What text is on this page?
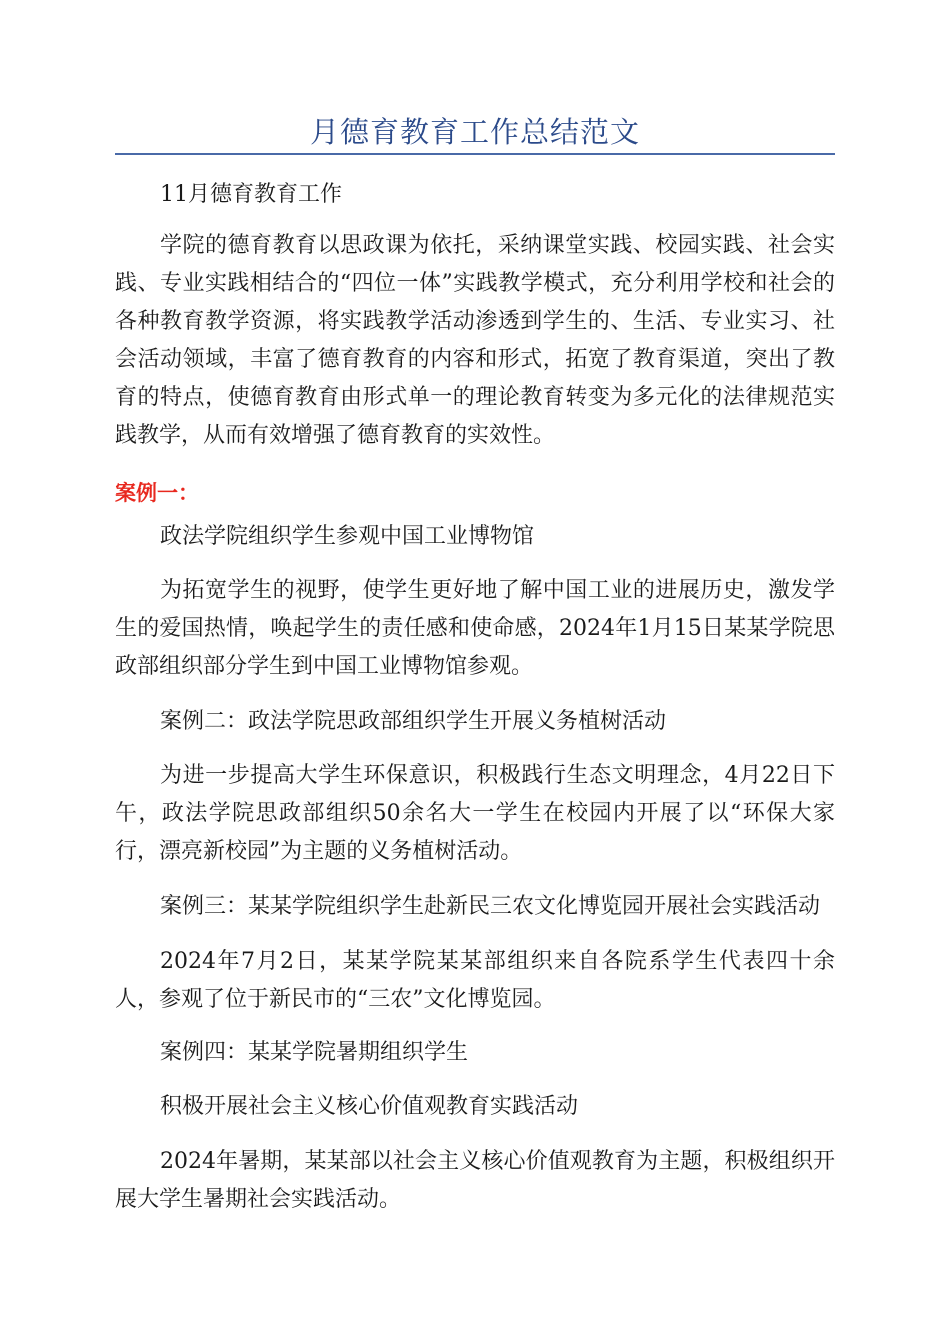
月德育教育工作总结范文

11月德育教育工作

学院的德育教育以思政课为依托，采纳课堂实践、校园实践、社会实践、专业实践相结合的“四位一体”实践教学模式，充分利用学校和社会的各种教育教学资源，将实践教学活动渗透到学生的、生活、专业实习、社会活动领域，丰富了德育教育的内容和形式，拓宽了教育渠道，突出了教育的特点，使德育教育由形式单一的理论教育转变为多元化的法律规范实践教学，从而有效增强了德育教育的实效性。

案例一：

政法学院组织学生参观中国工业博物馆

为拓宽学生的视野，使学生更好地了解中国工业的进展历史，激发学生的爱国热情，唤起学生的责任感和使命感，2024年1月15日某某学院思政部组织部分学生到中国工业博物馆参观。

案例二：政法学院思政部组织学生开展义务植树活动

为进一步提高大学生环保意识，积极践行生态文明理念，4月22日下午，政法学院思政部组织50余名大一学生在校园内开展了以“环保大家行，漂亮新校园”为主题的义务植树活动。

案例三：某某学院组织学生赴新民三农文化博览园开展社会实践活动

2024年7月2日，某某学院某某部组织来自各院系学生代表四十余人，参观了位于新民市的“三农”文化博览园。

案例四：某某学院暑期组织学生

积极开展社会主义核心价值观教育实践活动

2024年暑期，某某部以社会主义核心价值观教育为主题，积极组织开展大学生暑期社会实践活动。
